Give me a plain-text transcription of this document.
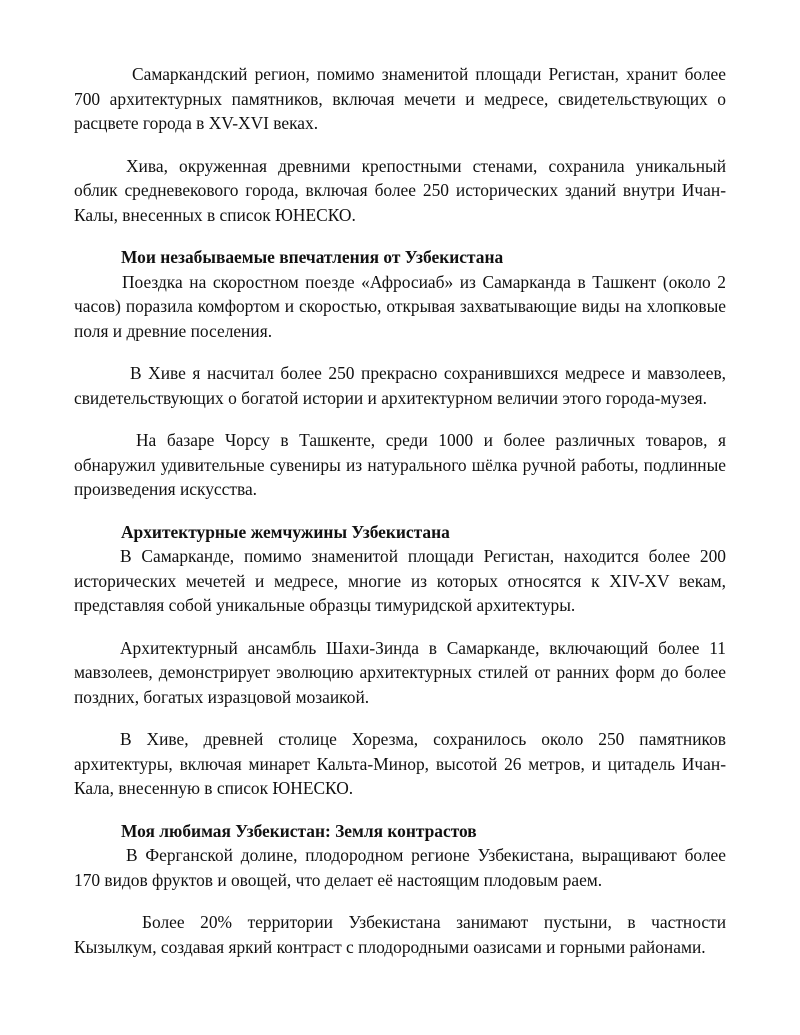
Самаркандский регион, помимо знаменитой площади Регистан, хранит более 700 архитектурных памятников, включая мечети и медресе, свидетельствующих о расцвете города в XV-XVI веках.

Хива, окруженная древними крепостными стенами, сохранила уникальный облик средневекового города, включая более 250 исторических зданий внутри Ичан-Калы, внесенных в список ЮНЕСКО.

Мои незабываемые впечатления от Узбекистана

Поездка на скоростном поезде «Афросиаб» из Самарканда в Ташкент (около 2 часов) поразила комфортом и скоростью, открывая захватывающие виды на хлопковые поля и древние поселения.

В Хиве я насчитал более 250 прекрасно сохранившихся медресе и мавзолеев, свидетельствующих о богатой истории и архитектурном величии этого города-музея.

На базаре Чорсу в Ташкенте, среди 1000 и более различных товаров, я обнаружил удивительные сувениры из натурального шёлка ручной работы, подлинные произведения искусства.

Архитектурные жемчужины Узбекистана

В Самарканде, помимо знаменитой площади Регистан, находится более 200 исторических мечетей и медресе, многие из которых относятся к XIV-XV векам, представляя собой уникальные образцы тимуридской архитектуры.

Архитектурный ансамбль Шахи-Зинда в Самарканде, включающий более 11 мавзолеев, демонстрирует эволюцию архитектурных стилей от ранних форм до более поздних, богатых изразцовой мозаикой.

В Хиве, древней столице Хорезма, сохранилось около 250 памятников архитектуры, включая минарет Кальта-Минор, высотой 26 метров, и цитадель Ичан-Кала, внесенную в список ЮНЕСКО.

Моя любимая Узбекистан: Земля контрастов

В Ферганской долине, плодородном регионе Узбекистана, выращивают более 170 видов фруктов и овощей, что делает её настоящим плодовым раем.

Более 20% территории Узбекистана занимают пустыни, в частности Кызылкум, создавая яркий контраст с плодородными оазисами и горными районами.
